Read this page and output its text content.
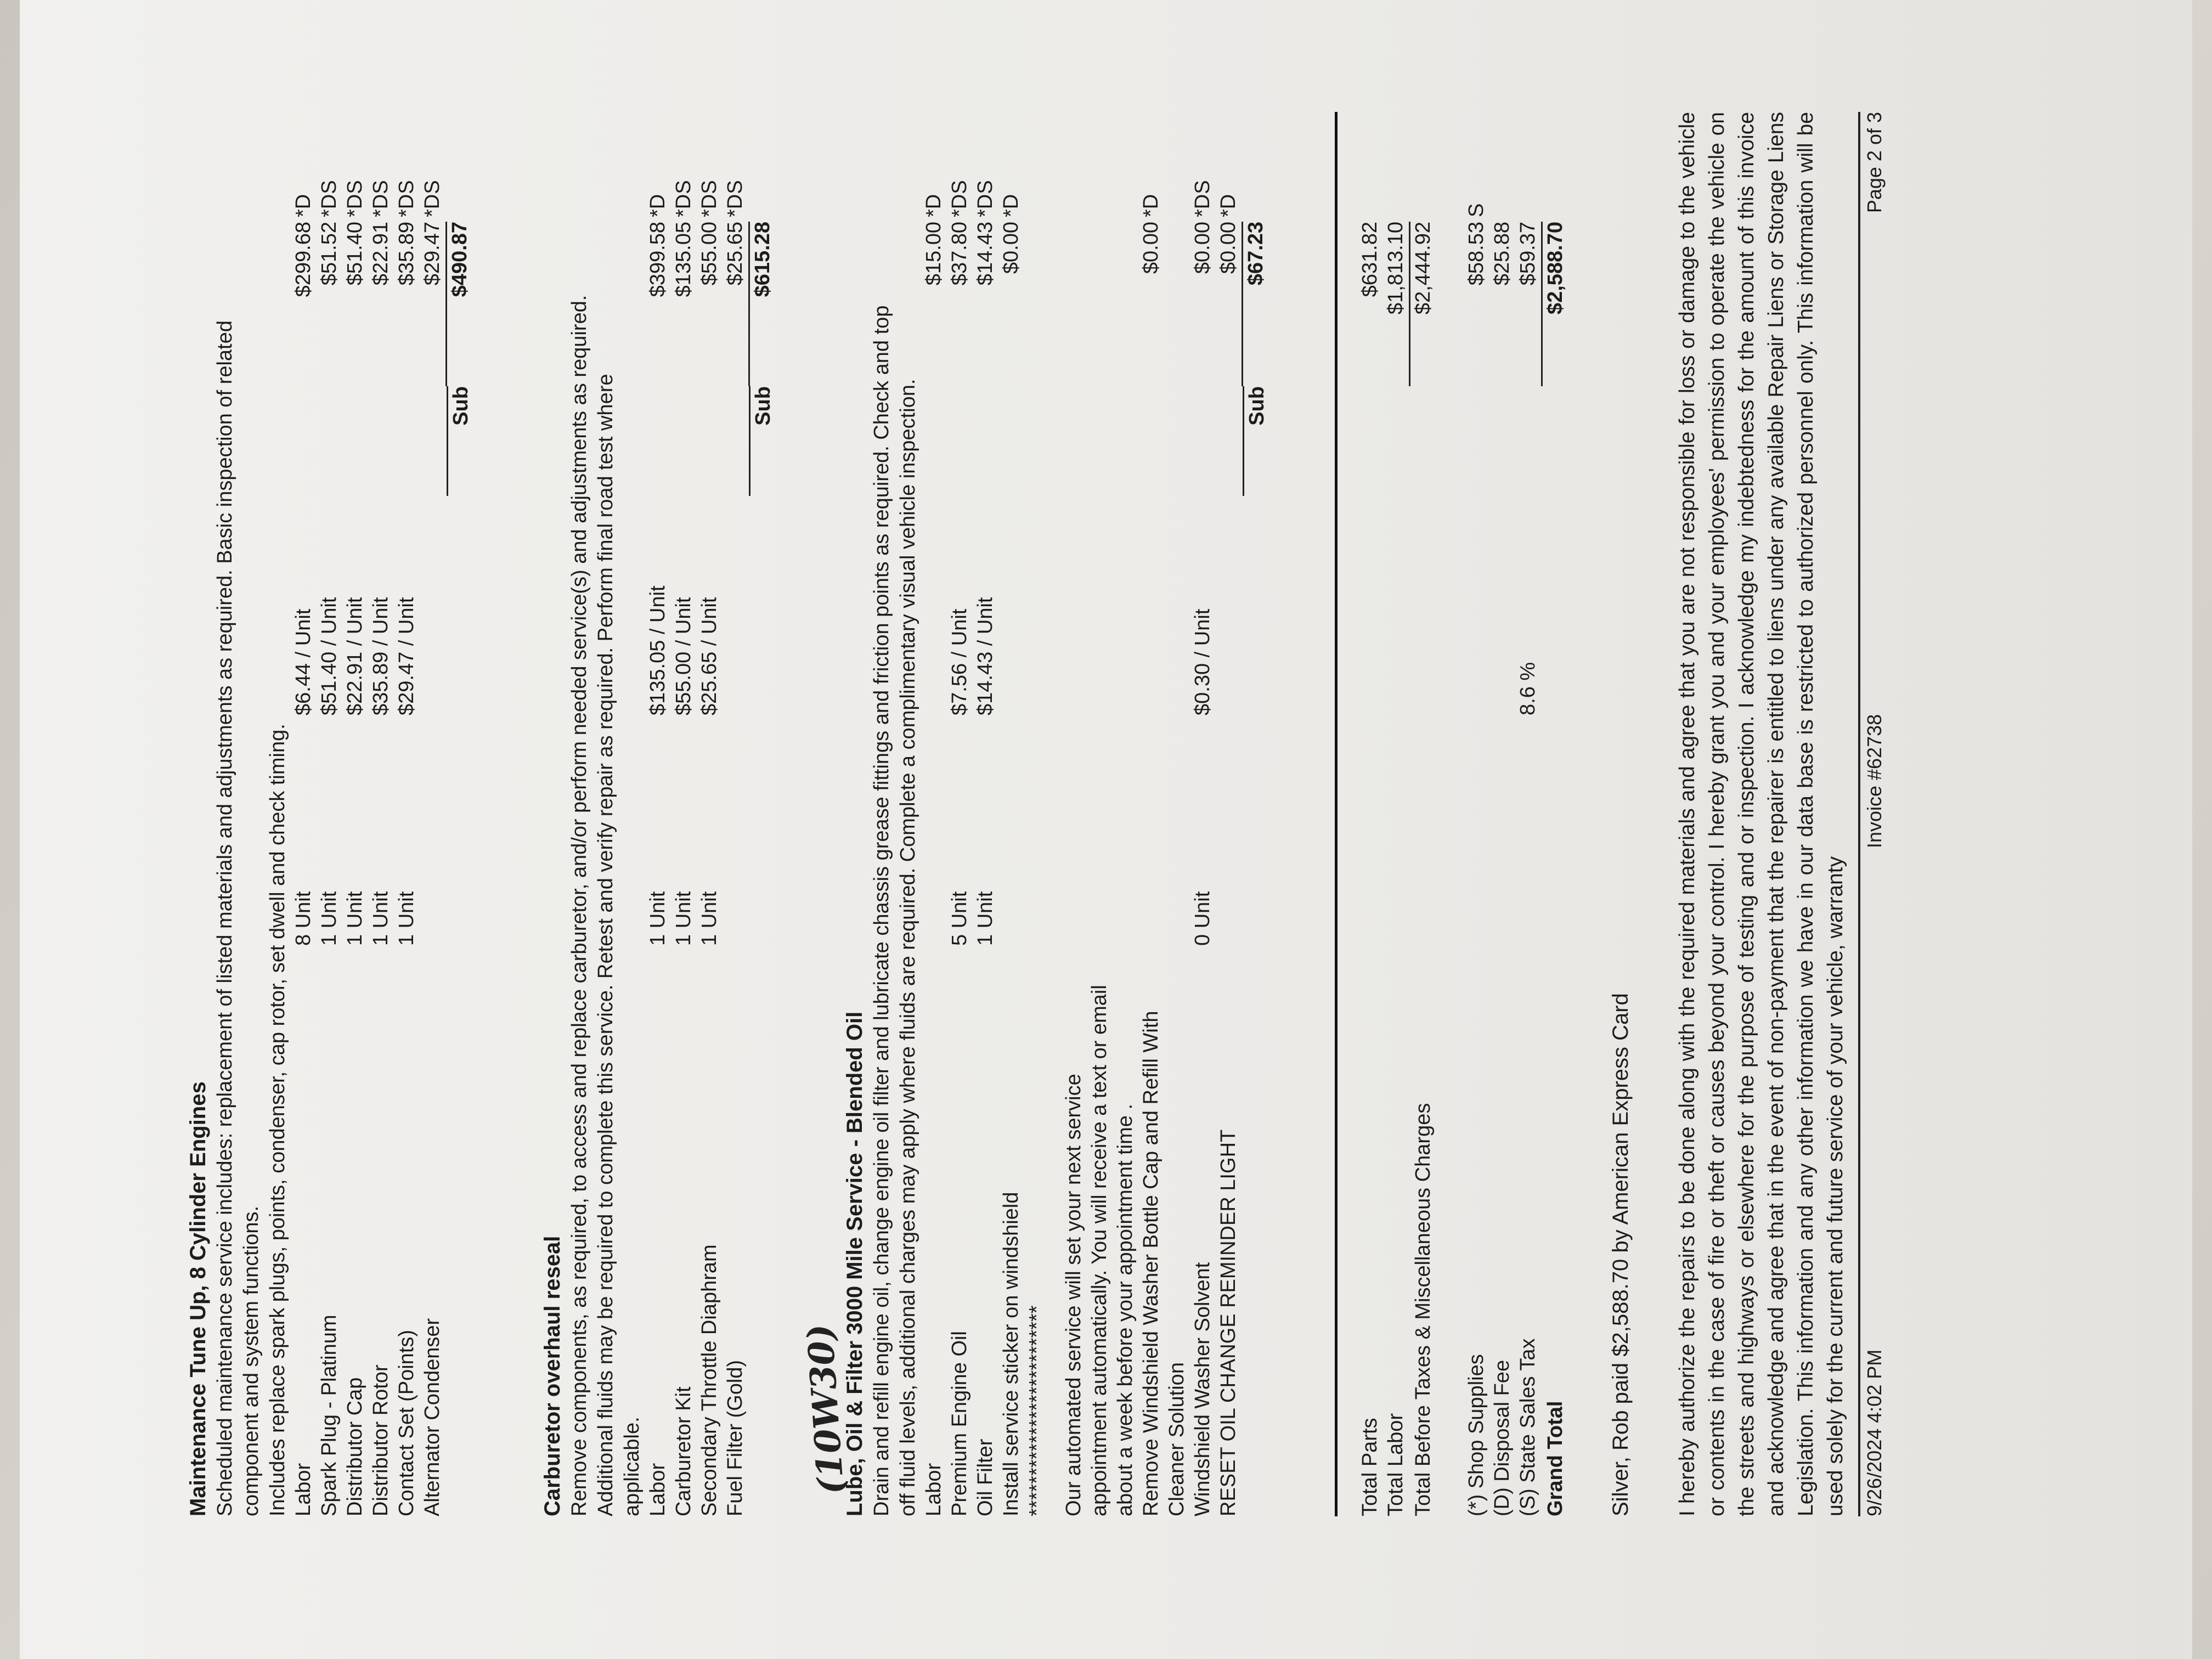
Maintenance Tune Up, 8 Cylinder Engines Scheduled maintenance service includes: replacement of listed materials and adjustments as required. Basic inspection of related component and system functions. Includes replace spark plugs, points, condenser, cap rotor, set dwell and check timing. Labor	8 Unit	$6.44 / Unit		$299.68*D
Spark Plug - Platinum	1 Unit	$51.40 / Unit		$51.52*DS
Distributor Cap	1 Unit	$22.91 / Unit		$51.40*DS
Distributor Rotor	1 Unit	$35.89 / Unit		$22.91*DS
Contact Set (Points)	1 Unit	$29.47 / Unit		$35.89*DS
Alternator Condenser				$29.47*DS
			Sub	$490.87

Carburetor overhaul reseal Remove components, as required, to access and replace carburetor, and/or perform needed service(s) and adjustments as required. Additional fluids may be required to complete this service. Retest and verify repair as required. Perform final road test where applicable. Labor	1 Unit	$135.05 / Unit		$399.58*D
Carburetor Kit	1 Unit	$55.00 / Unit		$135.05*DS
Secondary Throttle Diaphram	1 Unit	$25.65 / Unit		$55.00*DS
Fuel Filter (Gold)				$25.65*DS
			Sub	$615.28

Lube, Oil & Filter 3000 Mile Service - Blended Oil
(10W30) Drain and refill engine oil, change engine oil filter and lubricate chassis grease fittings and friction points as required. Check and top off fluid levels, additional charges may apply where fluids are required. Complete a complimentary visual vehicle inspection. Labor				$15.00*D
Premium Engine Oil	5 Unit	$7.56 / Unit		$37.80*DS
Oil Filter	1 Unit	$14.43 / Unit		$14.43*DS
Install service sticker on windshield				$0.00*D
**************************				

Our automated service will set your next service				
appointment automatically. You will receive a text or email				
about a week before your appointment time .				
Remove Windshield Washer Bottle Cap and Refill With				$0.00*D
Cleaner Solution				
Windshield Washer Solvent	0 Unit	$0.30 / Unit		$0.00*DS
RESET OIL CHANGE REMINDER LIGHT				$0.00*D
			Sub	$67.23
Total Parts				$631.82
Total Labor				$1,813.10
Total Before Taxes & Miscellaneous Charges				$2,444.92
(*) Shop Supplies				$58.53S
(D) Disposal Fee				$25.88
(S) State Sales Tax		8.6 %		$59.37
Grand Total				$2,588.70

Silver, Rob paid $2,588.70 by American Express Card I hereby authorize the repairs to be done along with the required materials and agree that you are not responsible for loss or damage to the vehicle or contents in the case of fire or theft or causes beyond your control. I hereby grant you and your employees' permission to operate the vehicle on the streets and highways or elsewhere for the purpose of testing and or inspection. I acknowledge my indebtedness for the amount of this invoice and acknowledge and agree that in the event of non-payment that the repairer is entitled to liens under any available Repair Liens or Storage Liens Legislation. This information and any other information we have in our data base is restricted to authorized personnel only. This information will be used solely for the current and future service of your vehicle, warranty 9/26/2024 4:02 PM
Invoice #62738
Page 2 of 3
